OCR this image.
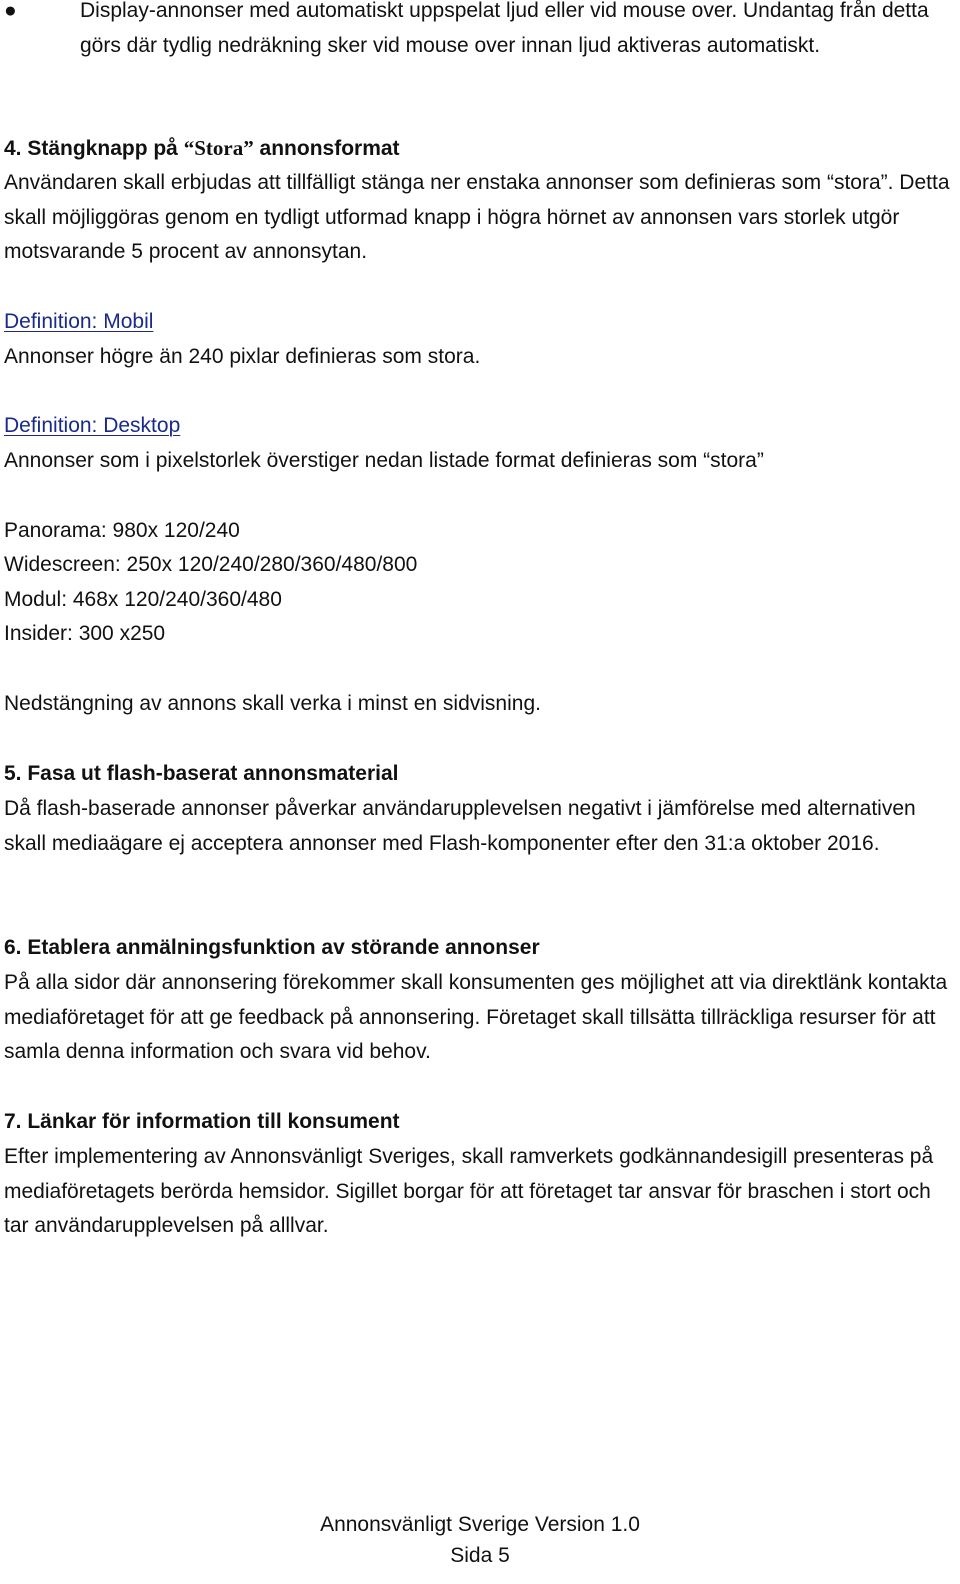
●	Display-annonser med automatiskt uppspelat ljud eller vid mouse over. Undantag från detta görs där tydlig nedräkning sker vid mouse over innan ljud aktiveras automatiskt.
4. Stängknapp på “Stora” annonsformat
Användaren skall erbjudas att tillfälligt stänga ner enstaka annonser som definieras som “stora”. Detta skall möjliggöras genom en tydligt utformad knapp i högra hörnet av annonsen vars storlek utgör motsvarande 5 procent av annonsytan.
Definition: Mobil
Annonser högre än 240 pixlar definieras som stora.
Definition: Desktop
Annonser som i pixelstorlek överstiger nedan listade format definieras som “stora”
Panorama: 980x 120/240
Widescreen: 250x 120/240/280/360/480/800
Modul: 468x 120/240/360/480
Insider: 300 x250
Nedstängning av annons skall verka i minst en sidvisning.
5. Fasa ut flash-baserat annonsmaterial
Då flash-baserade annonser påverkar användarupplevelsen negativt i jämförelse med alternativen skall mediaägare ej acceptera annonser med Flash-komponenter efter den 31:a oktober 2016.
6. Etablera anmälningsfunktion av störande annonser
På alla sidor där annonsering förekommer skall konsumenten ges möjlighet att via direktlänk kontakta mediaföretaget för att ge feedback på annonsering. Företaget skall tillsätta tillräckliga resurser för att samla denna information och svara vid behov.
7. Länkar för information till konsument
Efter implementering av Annonsvänligt Sveriges, skall ramverkets godkännandesigill presenteras på mediaföretagets berörda hemsidor. Sigillet borgar för att företaget tar ansvar för braschen i stort och tar användarupplevelsen på alllvar.
Annonsvänligt Sverige Version 1.0
Sida 5
